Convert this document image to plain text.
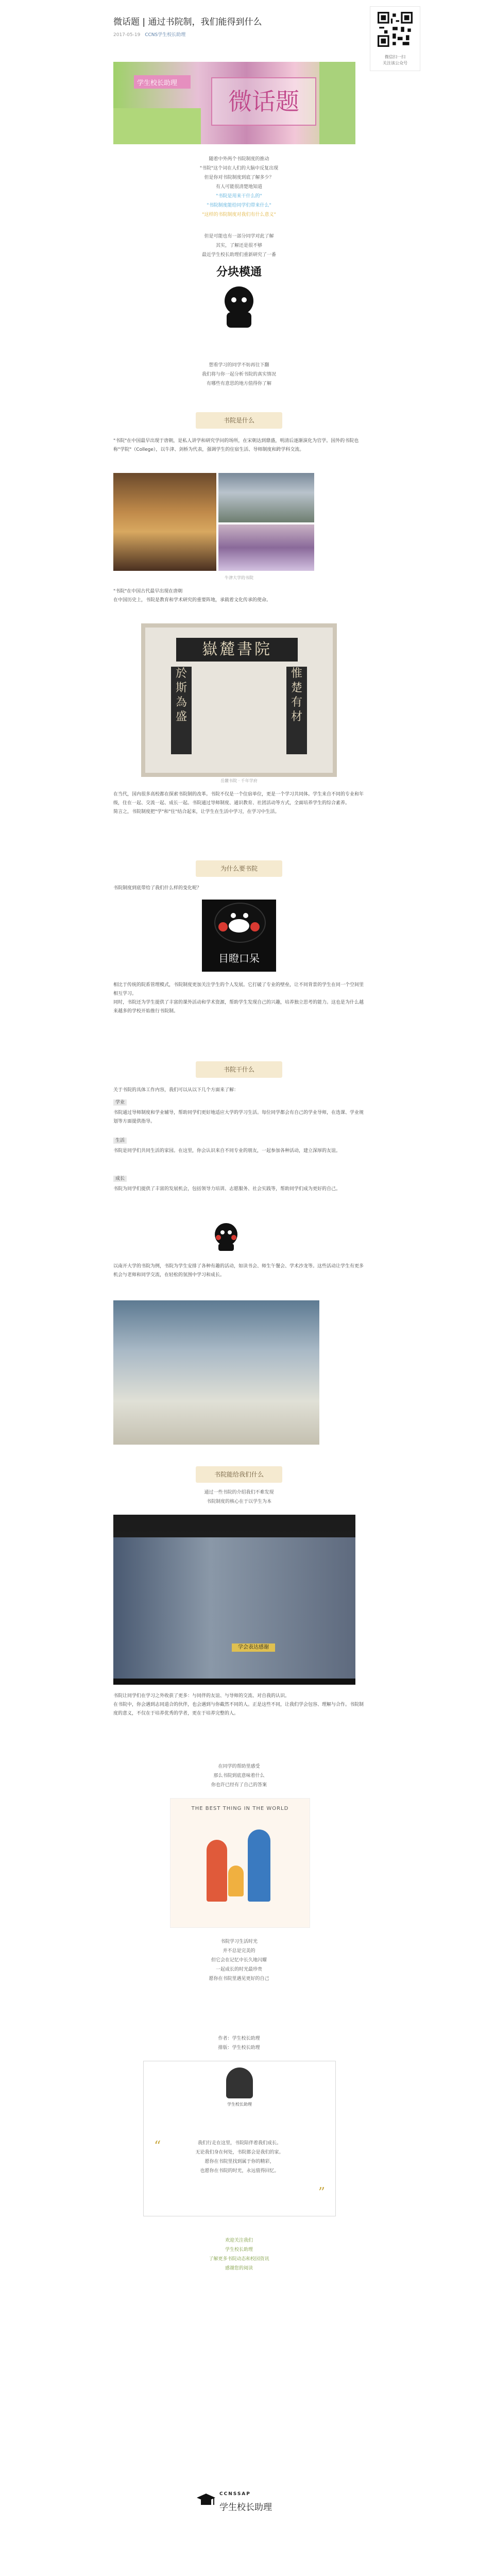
微话题 | 通过书院制，我们能得到什么
2017-05-19 CCNS学生校长助理
微信扫一扫
关注该公众号
学生校长助理
微话题
随着中外两个书院制度的推动
"书院"这个词在人们的大脑中反复出现
但是你对书院制度到底了解多少？
有人可能很清楚地知道
"书院是用来干什么的"
"书院制度能给同学们带来什么"
"这样的书院制度对我们有什么意义"
但是可能也有一部分同学对此了解
其实，了解还是很不够
最近学生校长助理们重新研究了一番
分块模通
想看学习的同学不妨再往下翻
我们将与你一起分析书院的真实情况
有哪些有意思的地方值得你了解
书院是什么
"书院"在中国最早出现于唐朝，是私人讲学和研究学问的场所，在宋朝达到鼎盛，明清后逐渐演化为官学。国外的书院也称"学院"（College），以牛津、剑桥为代表，强调学生的住宿生活、导师制度和跨学科交流。
牛津大学的书院
"书院"在中国古代最早出现在唐朝
在中国历史上，书院是教育和学术研究的重要阵地，承载着文化传承的使命。
嶽麓書院
於
斯
為
盛
惟
楚
有
材
岳麓书院 · 千年学府
在当代，国内很多高校都在探索书院制的改革。书院不仅是一个住宿单位，更是一个学习共同体。学生来自不同的专业和年级，住在一起、交流一起、成长一起。书院通过导师制度、通识教育、社团活动等方式，全面培养学生的综合素养。
简言之，书院制度把"学"和"住"结合起来，让学生在生活中学习，在学习中生活。
为什么要书院
书院制度到底带给了我们什么样的变化呢？
目瞪口呆
相比于传统的院系管理模式，书院制度更加关注学生的个人发展。它打破了专业的壁垒，让不同背景的学生在同一个空间里相互学习。
同时，书院还为学生提供了丰富的课外活动和学术资源，帮助学生发现自己的兴趣，培养独立思考的能力。这也是为什么越来越多的学校开始推行书院制。
书院干什么
关于书院的具体工作内容，我们可以从以下几个方面来了解：
学业
书院通过导师制度和学业辅导，帮助同学们更好地适应大学的学习生活。每位同学都会有自己的学业导师，在选课、学业规划等方面提供指导。
生活
书院是同学们共同生活的家园。在这里，你会认识来自不同专业的朋友，一起参加各种活动，建立深厚的友谊。
成长
书院为同学们提供了丰富的发展机会，包括领导力培训、志愿服务、社会实践等，帮助同学们成为更好的自己。
以南开大学的书院为例，书院为学生安排了各种有趣的活动，如读书会、师生午餐会、学术沙龙等。这些活动让学生有更多机会与老师和同学交流，在轻松的氛围中学习和成长。
书院能给我们什么
通过一些书院的介绍我们不难发现
书院制度的核心在于以学生为本
学会表达感谢
书院让同学们在学习之外收获了更多：与同伴的友谊、与导师的交流、对自我的认识。
在书院中，你会遇到志同道合的伙伴，也会遇到与你截然不同的人。正是这些不同，让我们学会包容、理解与合作。书院制度的意义，不仅在于培养优秀的学者，更在于培养完整的人。
在同学的帮助里感受
那么书院到底意味着什么
你也许已经有了自己的答案
THE BEST THING IN THE WORLD
书院学习生活时光
并不总是完美的
但它会在记忆中长久地闪耀
一起成长的时光最珍贵
愿你在书院里遇见更好的自己
作者：学生校长助理
排版：学生校长助理
学生校长助理
“	我们行走在这里，书院陪伴着我们成长。
无论我们身在何处，书院都会是我们的家。
愿你在书院里找到属于你的精彩，
也愿你在书院的时光，永远值得回忆。
”
欢迎关注我们
学生校长助理
了解更多书院动态和校园资讯
感谢您的阅读
CCNSSAP
学生校长助理
